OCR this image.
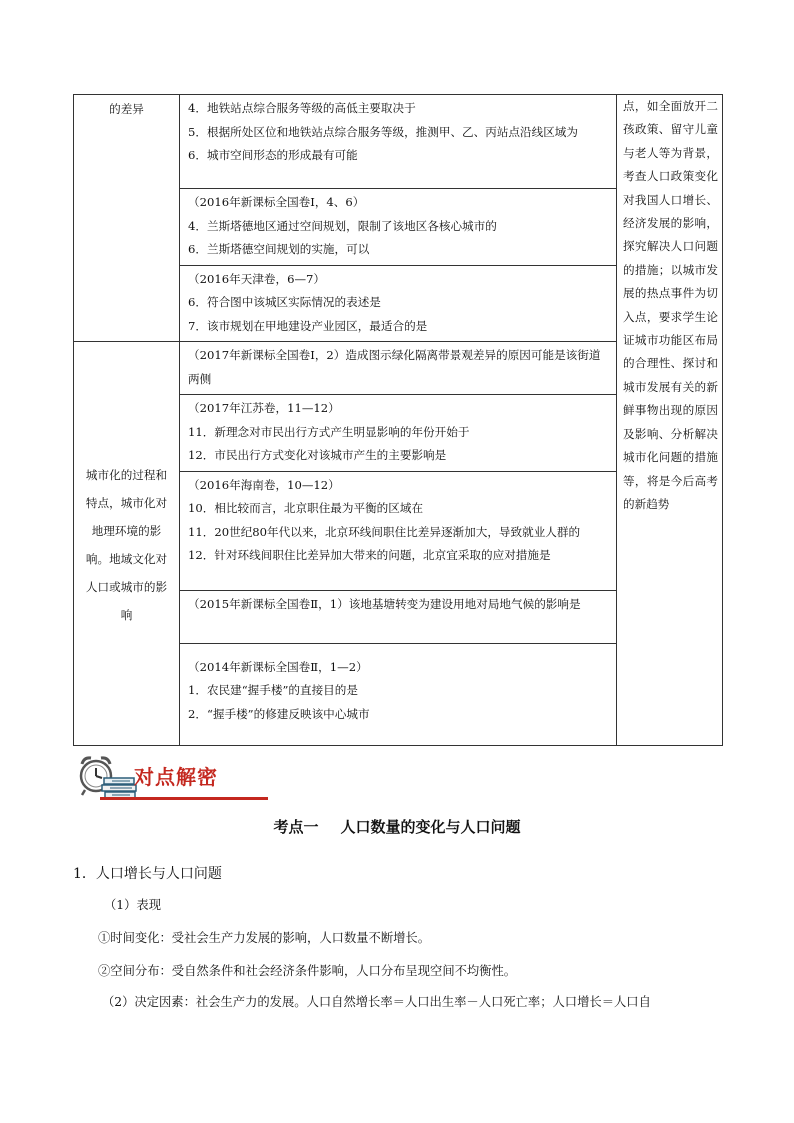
的差异	4．地铁站点综合服务等级的高低主要取决于
5．根据所处区位和地铁站点综合服务等级，推测甲、乙、丙站点沿线区域为
6．城市空间形态的形成最有可能	点，如全面放开二孩政策、留守儿童与老人等为背景，考查人口政策变化对我国人口增长、经济发展的影响，探究解决人口问题的措施；以城市发展的热点事件为切入点，要求学生论证城市功能区布局的合理性、探讨和城市发展有关的新鲜事物出现的原因及影响、分析解决城市化问题的措施等，将是今后高考的新趋势

	（2016年新课标全国卷Ⅰ，4、6）
4．兰斯塔德地区通过空间规划，限制了该地区各核心城市的
6．兰斯塔德空间规划的实施，可以	

	（2016年天津卷，6—7）
6．符合图中该城区实际情况的表述是
7．该市规划在甲地建设产业园区，最适合的是	

城市化的过程和特点，城市化对地理环境的影响。地域文化对人口或城市的影响	（2017年新课标全国卷Ⅰ，2）造成图示绿化隔离带景观差异的原因可能是该街道两侧	

	（2017年江苏卷，11—12）
11．新理念对市民出行方式产生明显影响的年份开始于
12．市民出行方式变化对该城市产生的主要影响是	

	（2016年海南卷，10—12）
10．相比较而言，北京职住最为平衡的区域在
11．20世纪80年代以来，北京环线间职住比差异逐渐加大，导致就业人群的
12．针对环线间职住比差异加大带来的问题，北京宜采取的应对措施是	

	（2015年新课标全国卷Ⅱ，1）该地基塘转变为建设用地对局地气候的影响是	

	（2014年新课标全国卷Ⅱ，1—2）
1．农民建“握手楼”的直接目的是
2．“握手楼”的修建反映该中心城市	
对点解密
考点一 人口数量的变化与人口问题
1．人口增长与人口问题
（1）表现
①时间变化：受社会生产力发展的影响，人口数量不断增长。
②空间分布：受自然条件和社会经济条件影响，人口分布呈现空间不均衡性。
（2）决定因素：社会生产力的发展。人口自然增长率＝人口出生率－人口死亡率；人口增长＝人口自
